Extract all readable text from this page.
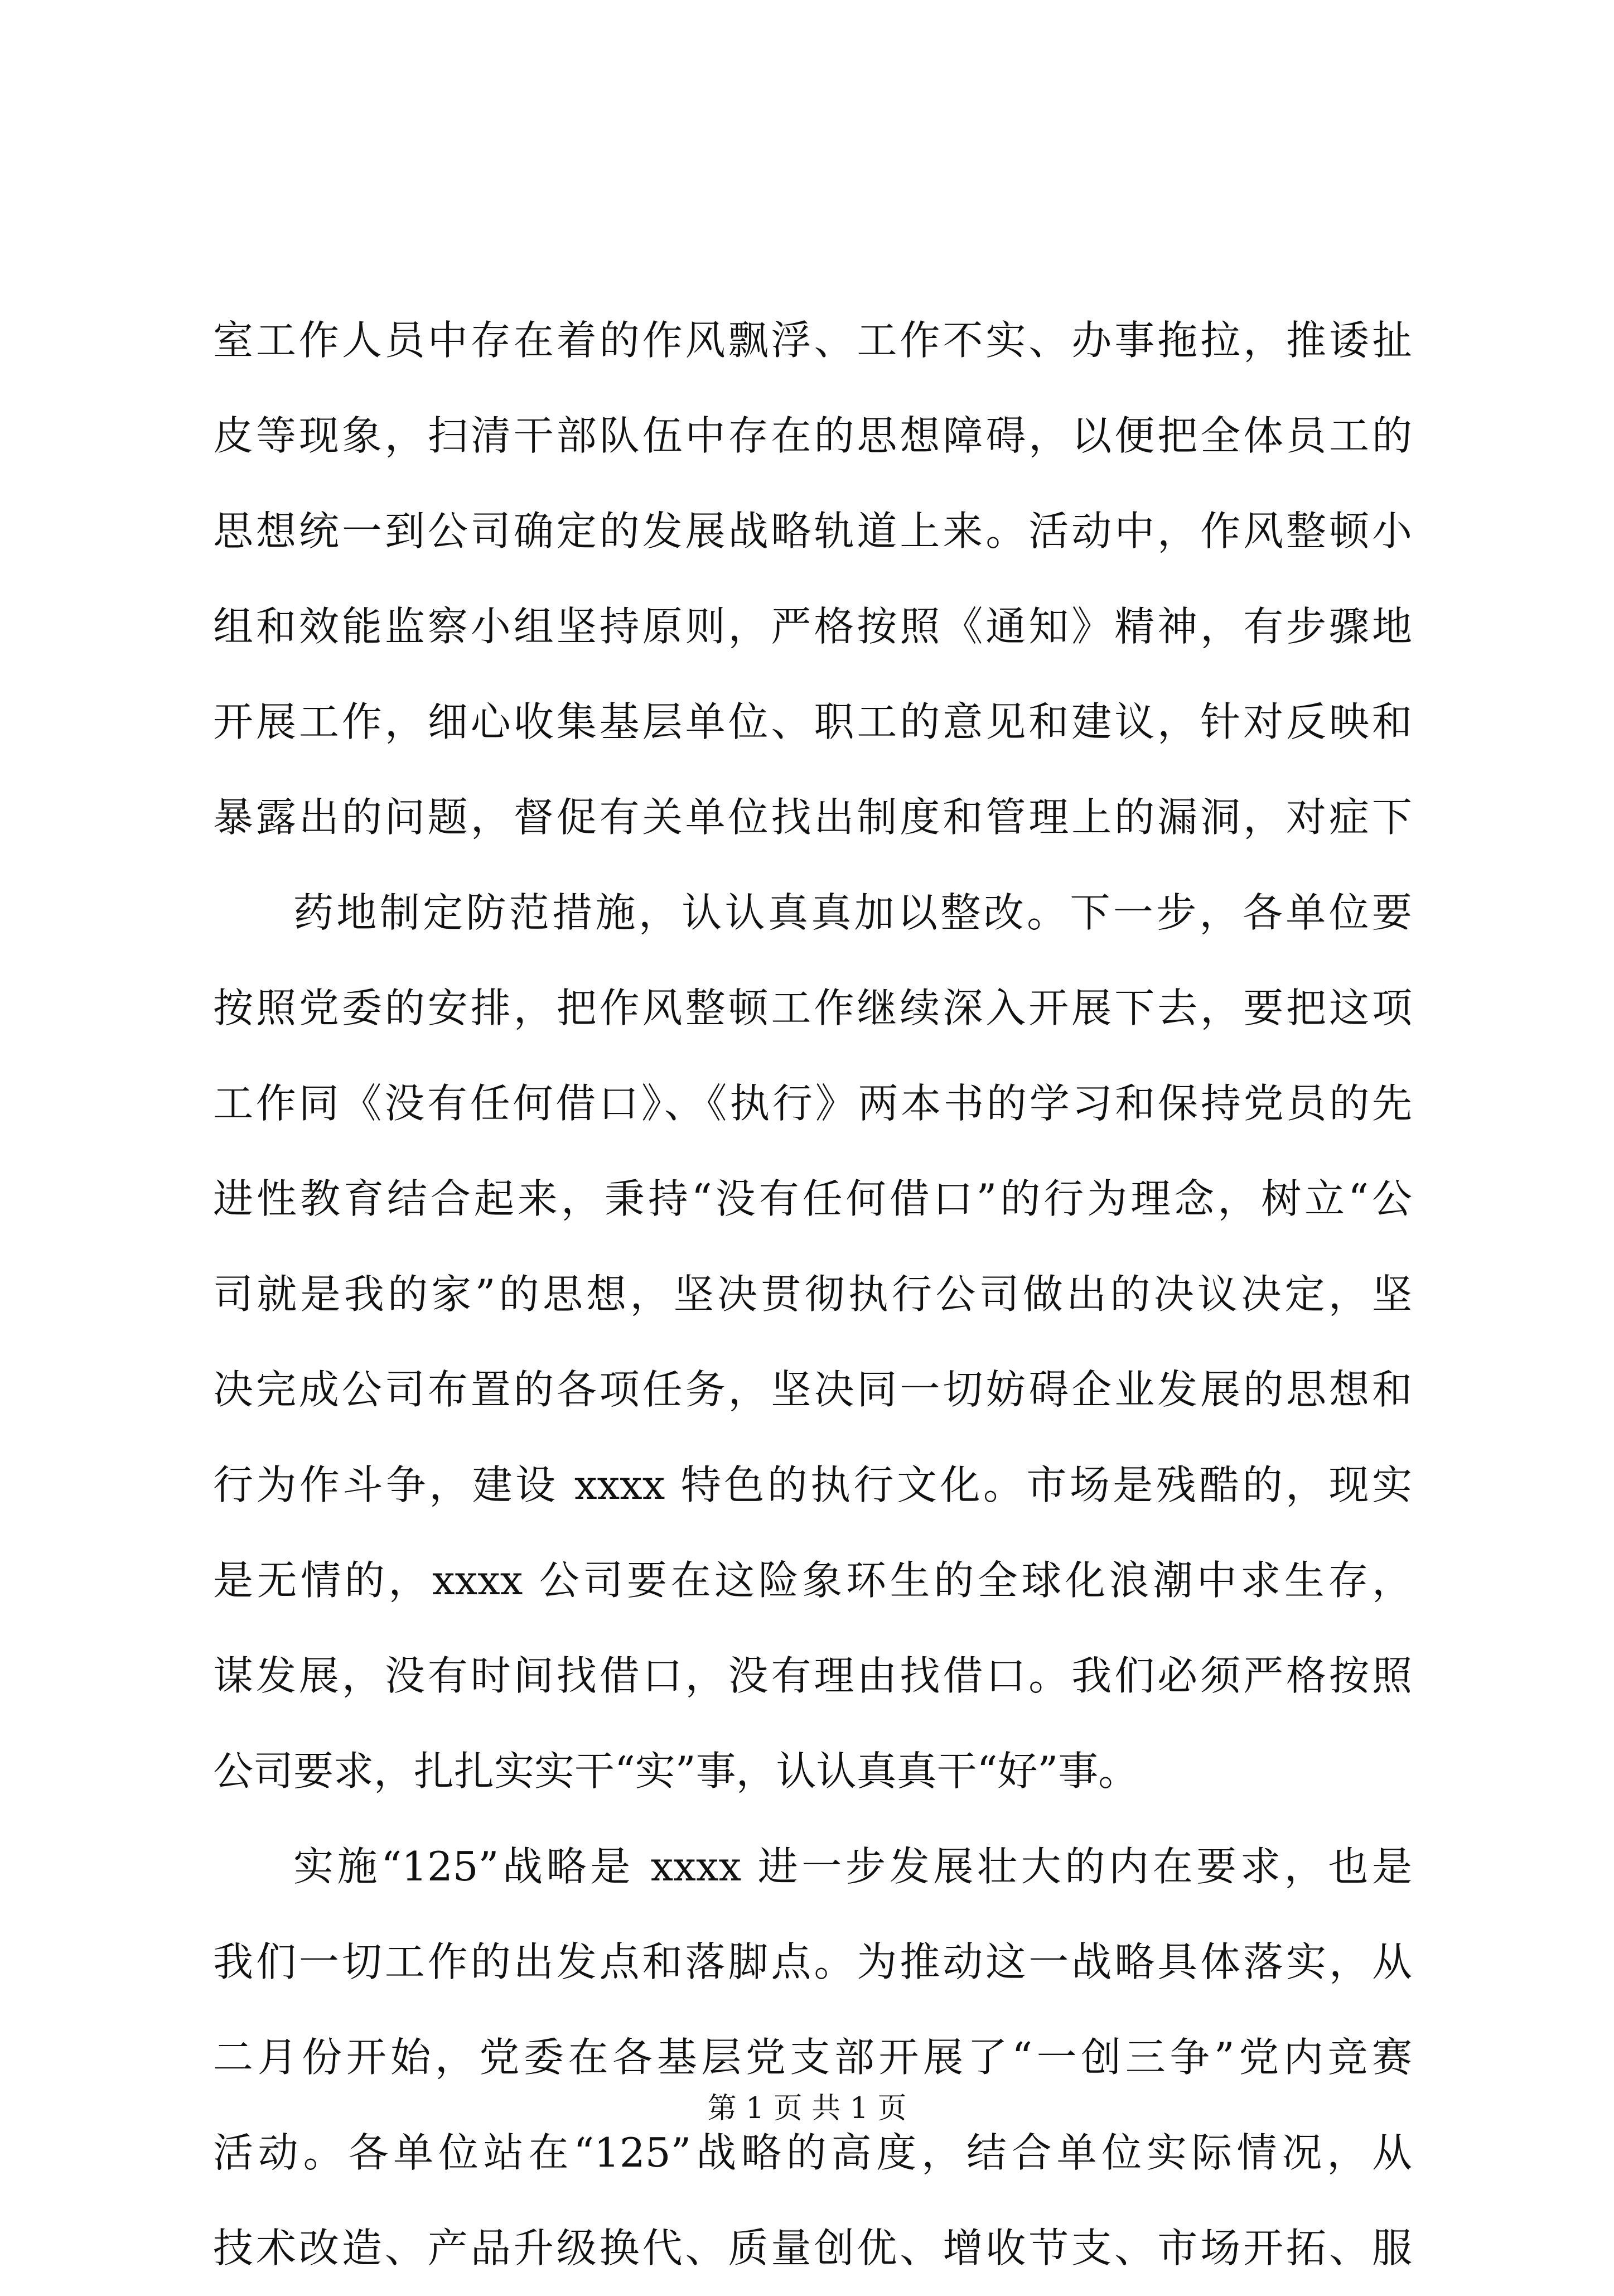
室工作人员中存在着的作风飘浮、工作不实、办事拖拉，推诿扯
皮等现象，扫清干部队伍中存在的思想障碍，以便把全体员工的
思想统一到公司确定的发展战略轨道上来。活动中，作风整顿小
组和效能监察小组坚持原则，严格按照《通知》精神，有步骤地
开展工作，细心收集基层单位、职工的意见和建议，针对反映和
暴露出的问题，督促有关单位找出制度和管理上的漏洞，对症下
药地制定防范措施，认认真真加以整改。下一步，各单位要
按照党委的安排，把作风整顿工作继续深入开展下去，要把这项
工作同《没有任何借口》、《执行》两本书的学习和保持党员的先
进性教育结合起来，秉持“没有任何借口”的行为理念，树立“公
司就是我的家”的思想，坚决贯彻执行公司做出的决议决定，坚
决完成公司布置的各项任务，坚决同一切妨碍企业发展的思想和
行为作斗争，建设 xxxx 特色的执行文化。市场是残酷的，现实
是无情的，xxxx 公司要在这险象环生的全球化浪潮中求生存，
谋发展，没有时间找借口，没有理由找借口。我们必须严格按照
公司要求，扎扎实实干“实”事，认认真真干“好”事。
实施“125”战略是 xxxx 进一步发展壮大的内在要求，也是
我们一切工作的出发点和落脚点。为推动这一战略具体落实，从
二月份开始，党委在各基层党支部开展了“一创三争”党内竞赛
活动。各单位站在“125”战略的高度，结合单位实际情况，从
技术改造、产品升级换代、质量创优、增收节支、市场开拓、服
第 1 页 共 1 页
